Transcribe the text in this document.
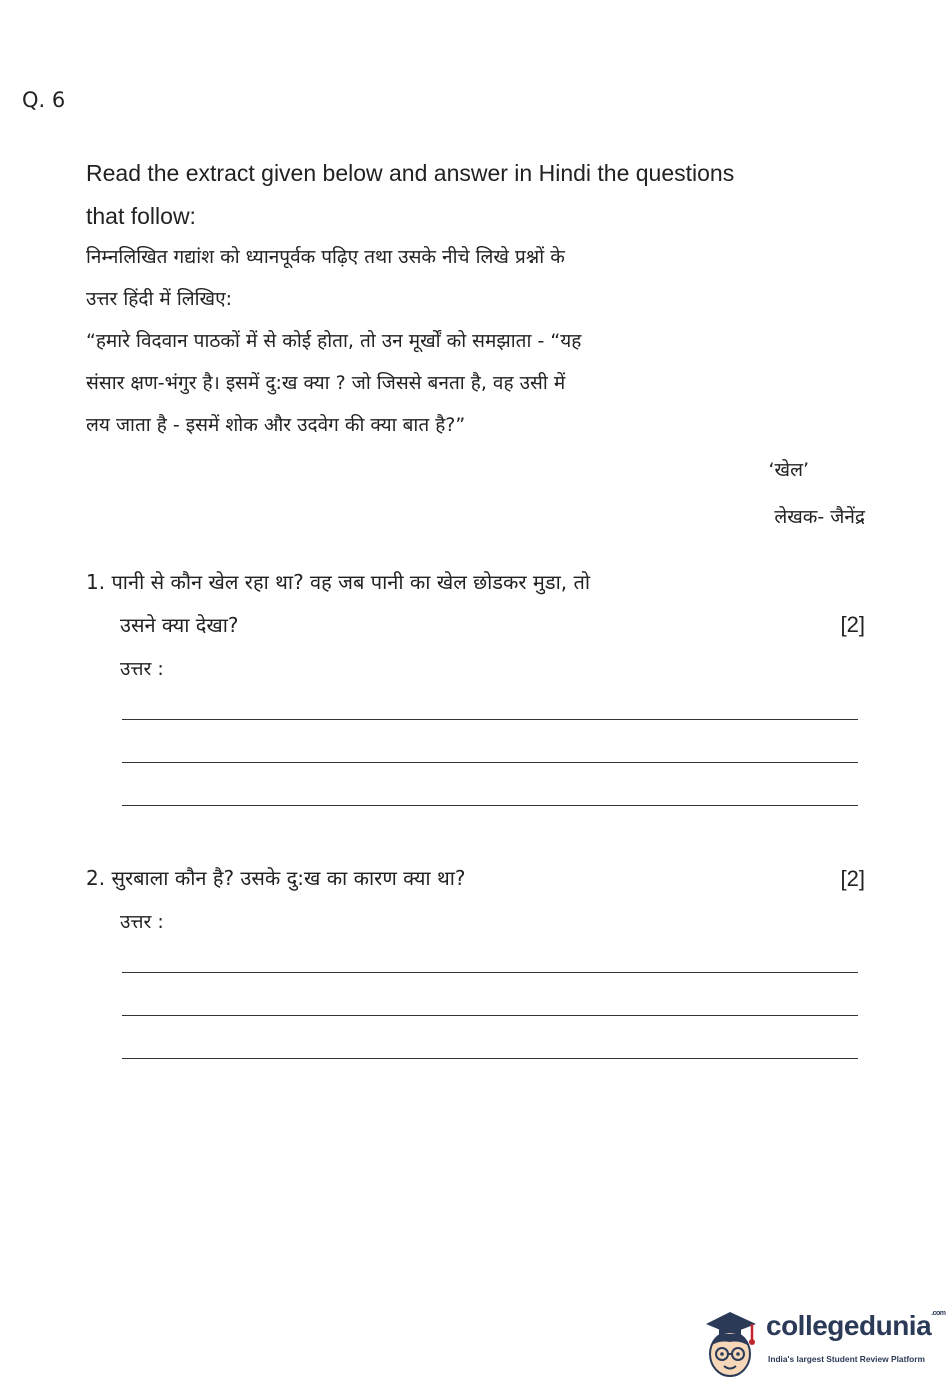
Q. 6
Read the extract given below and answer in Hindi the questions that follow:
निम्नलिखित गद्यांश को ध्यानपूर्वक पढ़िए तथा उसके नीचे लिखे प्रश्नों के
उत्तर हिंदी में लिखिए:
“हमारे विदवान पाठकों में से कोई होता, तो उन मूर्खों को समझाता - “यह
संसार क्षण-भंगुर है। इसमें दु:ख क्या ? जो जिससे बनता है, वह उसी में
लय जाता है - इसमें शोक और उदवेग की क्या बात है?”
‘खेल’
लेखक- जैनेंद्र
1. पानी से कौन खेल रहा था? वह जब पानी का खेल छोडकर मुडा, तो
उसने क्या देखा?	[2]
उत्तर :
2. सुरबाला कौन है? उसके दु:ख का कारण क्या था?	[2]
उत्तर :
collegedunia$^{.com}$
India's largest Student Review Platform
